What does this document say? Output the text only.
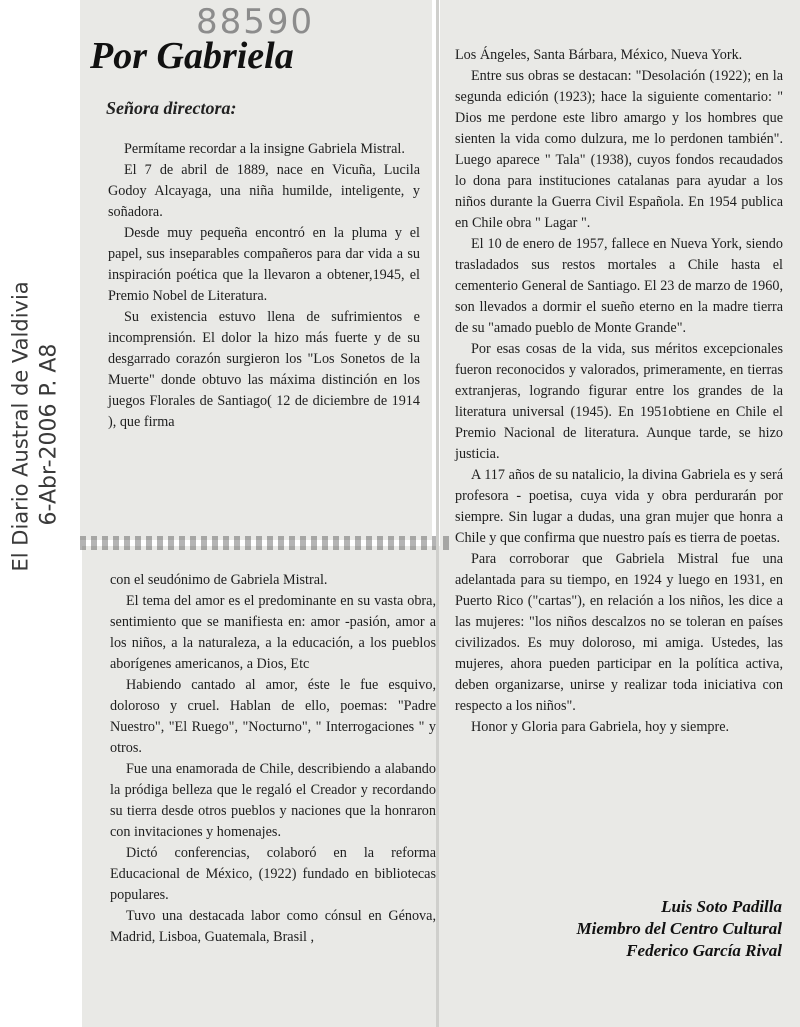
88590
El Diario Austral de Valdivia 6-Abr-2006 P. A8
Por Gabriela
Señora directora:

Permítame recordar a la insigne Gabriela Mistral.

El 7 de abril de 1889, nace en Vicuña, Lucila Godoy Alcayaga, una niña humilde, inteligente, y soñadora.

Desde muy pequeña encontró en la pluma y el papel, sus inseparables compañeros para dar vida a su inspiración poética que la llevaron a obtener,1945, el Premio Nobel de Literatura.

Su existencia estuvo llena de sufrimientos e incomprensión. El dolor la hizo más fuerte y de su desgarrado corazón surgieron los "Los Sonetos de la Muerte" donde obtuvo las máxima distinción en los juegos Florales de Santiago( 12 de diciembre de 1914 ), que firma

con el seudónimo de Gabriela Mistral.

El tema del amor es el predominante en su vasta obra, sentimiento que se manifiesta en: amor -pasión, amor a los niños, a la naturaleza, a la educación, a los pueblos aborígenes americanos, a Dios, Etc

Habiendo cantado al amor, éste le fue esquivo, doloroso y cruel. Hablan de ello, poemas: "Padre Nuestro", "El Ruego", "Nocturno", " Interrogaciones " y otros.

Fue una enamorada de Chile, describiendo a alabando la pródiga belleza que le regaló el Creador y recordando su tierra desde otros pueblos y naciones que la honraron con invitaciones y homenajes.

Dictó conferencias, colaboró en la reforma Educacional de México, (1922) fundado en bibliotecas populares.

Tuvo una destacada labor como cónsul en Génova, Madrid, Lisboa, Guatemala, Brasil ,

Los Ángeles, Santa Bárbara, México, Nueva York.

Entre sus obras se destacan: "Desolación (1922); en la segunda edición (1923); hace la siguiente comentario: " Dios me perdone este libro amargo y los hombres que sienten la vida como dulzura, me lo perdonen también". Luego aparece " Tala" (1938), cuyos fondos recaudados lo dona para instituciones catalanas para ayudar a los niños durante la Guerra Civil Española. En 1954 publica en Chile obra " Lagar ".

El 10 de enero de 1957, fallece en Nueva York, siendo trasladados sus restos mortales a Chile hasta el cementerio General de Santiago. El 23 de marzo de 1960, son llevados a dormir el sueño eterno en la madre tierra de su "amado pueblo de Monte Grande".

Por esas cosas de la vida, sus méritos excepcionales fueron reconocidos y valorados, primeramente, en tierras extranjeras, logrando figurar entre los grandes de la literatura universal (1945). En 1951obtiene en Chile el Premio Nacional de literatura. Aunque tarde, se hizo justicia.

A 117 años de su natalicio, la divina Gabriela es y será profesora - poetisa, cuya vida y obra perdurarán por siempre. Sin lugar a dudas, una gran mujer que honra a Chile y que confirma que nuestro país es tierra de poetas.

Para corroborar que Gabriela Mistral fue una adelantada para su tiempo, en 1924 y luego en 1931, en Puerto Rico ("cartas"), en relación a los niños, les dice a las mujeres: "los niños descalzos no se toleran en países civilizados. Es muy doloroso, mi amiga. Ustedes, las mujeres, ahora pueden participar en la política activa, deben organizarse, unirse y realizar toda iniciativa con respecto a los niños".

Honor y Gloria para Gabriela, hoy y siempre.

Luis Soto Padilla
Miembro del Centro Cultural
Federico García Rival
